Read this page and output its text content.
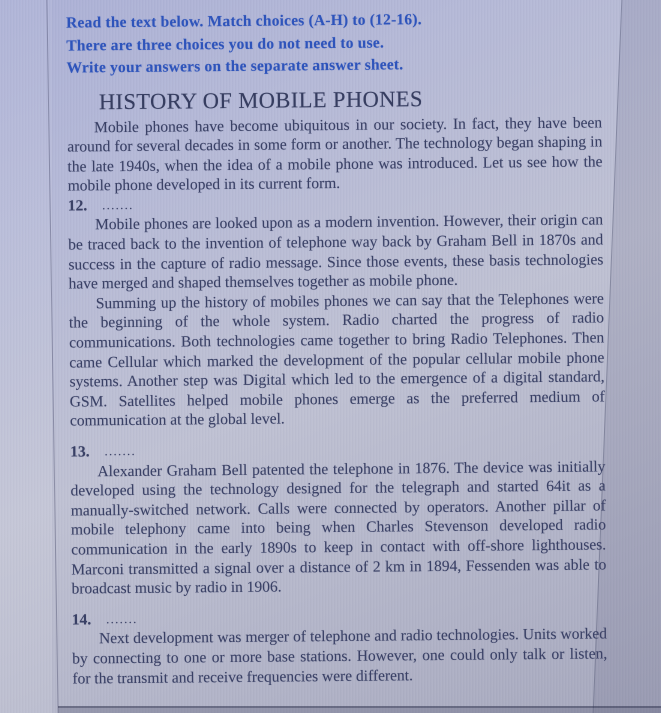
Read the text below. Match choices (A-H) to (12-16).

There are three choices you do not need to use.

Write your answers on the separate answer sheet.

HISTORY OF MOBILE PHONES

Mobile phones have become ubiquitous in our society. In fact, they have been around for several decades in some form or another. The technology began shaping in the late 1940s, when the idea of a mobile phone was introduced. Let us see how the mobile phone developed in its current form.

12. .......

Mobile phones are looked upon as a modern invention. However, their origin can be traced back to the invention of telephone way back by Graham Bell in 1870s and success in the capture of radio message. Since those events, these basis technologies have merged and shaped themselves together as mobile phone.

Summing up the history of mobiles phones we can say that the Telephones were the beginning of the whole system. Radio charted the progress of radio communications. Both technologies came together to bring Radio Telephones. Then came Cellular which marked the development of the popular cellular mobile phone systems. Another step was Digital which led to the emergence of a digital standard, GSM. Satellites helped mobile phones emerge as the preferred medium of communication at the global level.

13. .......

Alexander Graham Bell patented the telephone in 1876. The device was initially developed using the technology designed for the telegraph and started 64it as a manually-switched network. Calls were connected by operators. Another pillar of mobile telephony came into being when Charles Stevenson developed radio communication in the early 1890s to keep in contact with off-shore lighthouses. Marconi transmitted a signal over a distance of 2 km in 1894, Fessenden was able to broadcast music by radio in 1906.

14. .......

Next development was merger of telephone and radio technologies. Units worked by connecting to one or more base stations. However, one could only talk or listen, for the transmit and receive frequencies were different.
